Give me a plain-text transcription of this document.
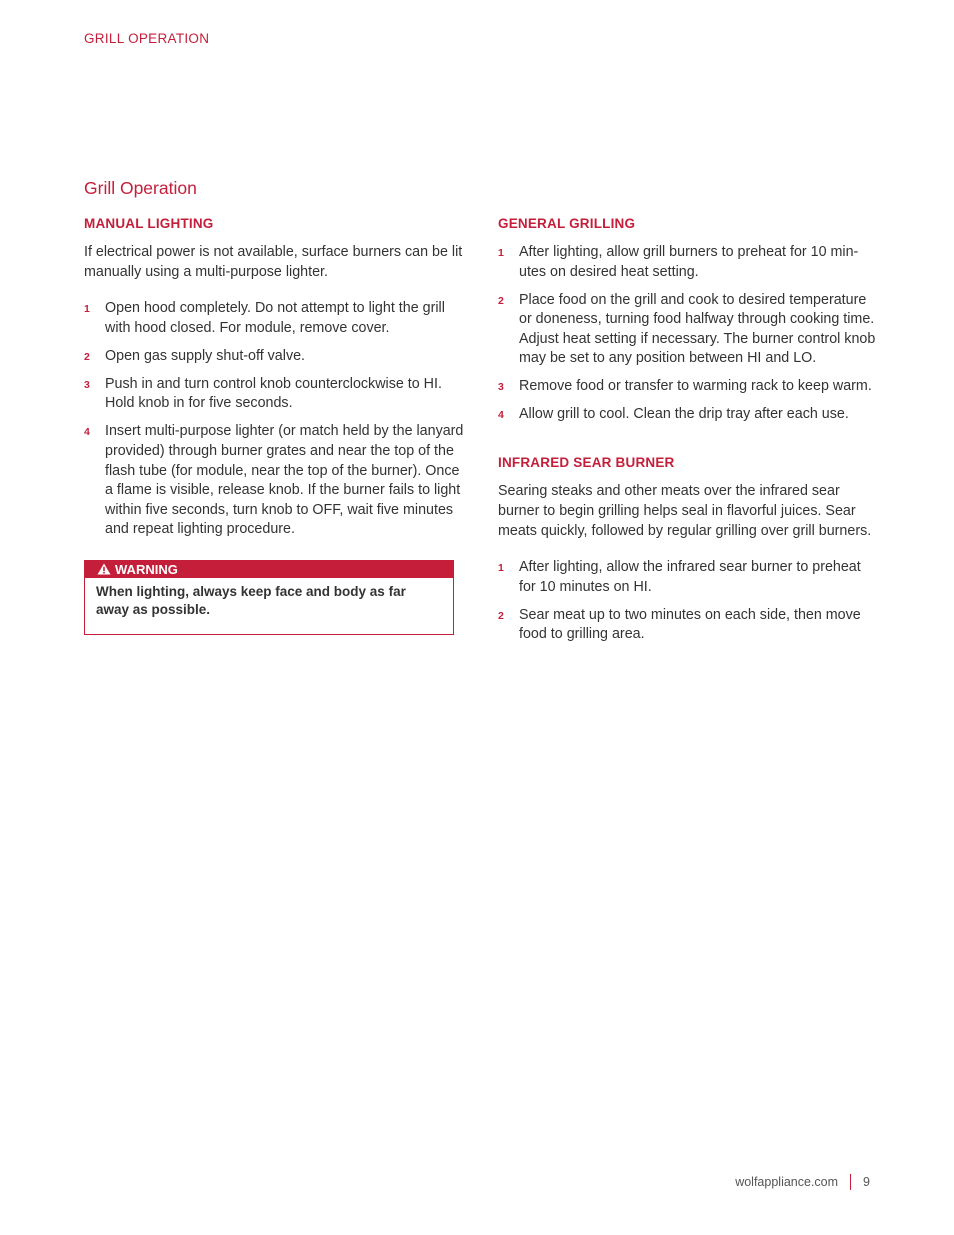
GRILL OPERATION
Grill Operation
MANUAL LIGHTING

If electrical power is not available, surface burners can be lit manually using a multi-purpose lighter.

1 Open hood completely. Do not attempt to light the grill with hood closed. For module, remove cover.
2 Open gas supply shut-off valve.
3 Push in and turn control knob counterclockwise to HI. Hold knob in for five seconds.
4 Insert multi-purpose lighter (or match held by the lanyard provided) through burner grates and near the top of the flash tube (for module, near the top of the burner). Once a flame is visible, release knob. If the burner fails to light within five seconds, turn knob to OFF, wait five minutes and repeat lighting procedure.
WARNING
When lighting, always keep face and body as far away as possible.
GENERAL GRILLING
1 After lighting, allow grill burners to preheat for 10 min-utes on desired heat setting.
2 Place food on the grill and cook to desired temperature or doneness, turning food halfway through cooking time. Adjust heat setting if necessary. The burner control knob may be set to any position between HI and LO.
3 Remove food or transfer to warming rack to keep warm.
4 Allow grill to cool. Clean the drip tray after each use.
INFRARED SEAR BURNER

Searing steaks and other meats over the infrared sear burner to begin grilling helps seal in flavorful juices. Sear meats quickly, followed by regular grilling over grill burners.

1 After lighting, allow the infrared sear burner to preheat for 10 minutes on HI.
2 Sear meat up to two minutes on each side, then move food to grilling area.
wolfappliance.com 9
